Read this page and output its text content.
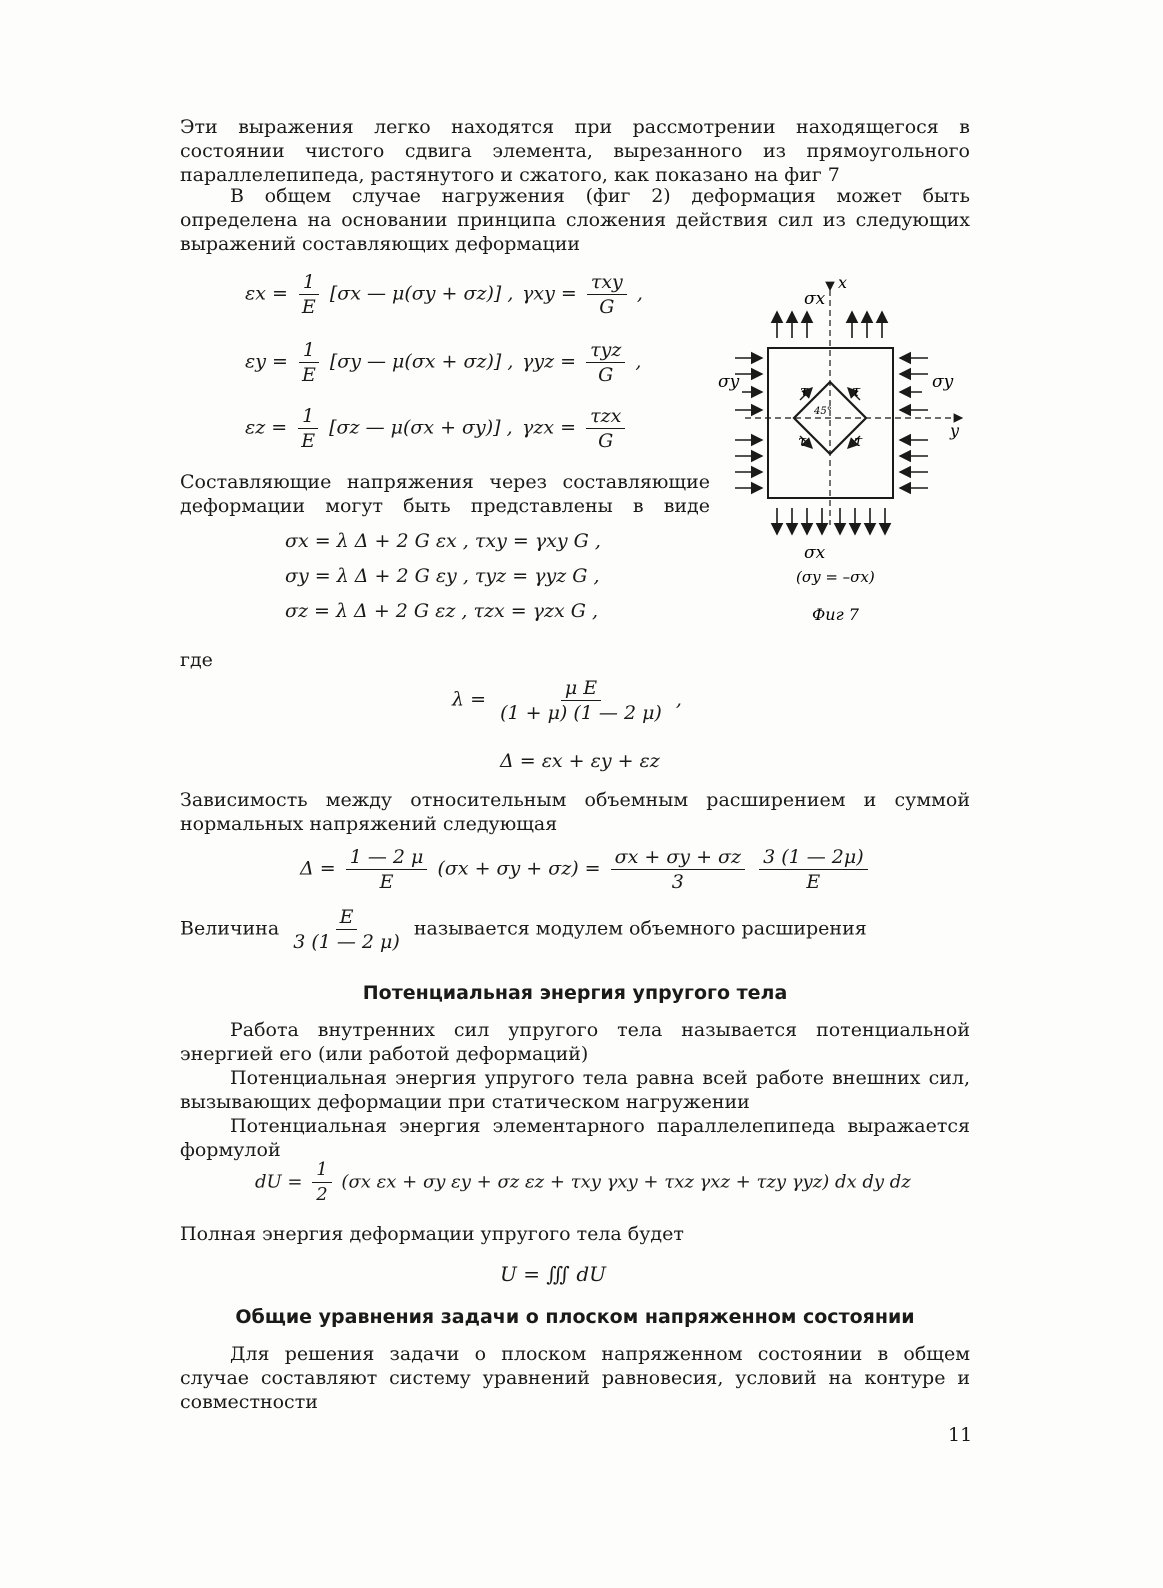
Эти выражения легко находятся при рассмотрении находящегося в состоянии чистого сдвига элемента, вырезанного из прямоугольного параллелепипеда, растянутого и сжатого, как показано на фиг 7

В общем случае нагружения (фиг 2) деформация может быть определена на основании принципа сложения действия сил из следующих выражений составляющих деформации

$\varepsilon x = \frac{1}{E} [\sigma x$ — μ(σy + σz)] , $\gamma xy = \frac{\text{τxy}}{G}$ ,
$\varepsilon y = \frac{1}{E} [\sigma y$ — μ(σx + σz)] , $\gamma yz = \frac{\text{τyz}}{G}$ ,
$\varepsilon z = \frac{1}{E} [\sigma z$ — μ(σx + σy)] , $\gamma zx = \frac{\text{τzx}}{G}$

Составляющие напряжения через составляющие деформации могут быть представлены в виде

σx = λ Δ + 2 G εx , τxy = γxy G ,
σy = λ Δ + 2 G εy , τyz = γyz G ,
σz = λ Δ + 2 G εz , τzx = γzx G ,
σx
x
σy	σy
y
τ	τ
τ	τ
45°
σx
(σy = –σx)
Фиг 7

где

$\lambda = \frac{\text{μ E}}{(1 + \mu) (1 — 2 \mu)}$ ,
Δ = εx + εy + εz

Зависимость между относительным объемным расширением и суммой нормальных напряжений следующая

$\Delta = \frac{1 — 2 \mu}{E} (\sigma x + \sigma y + \sigma z) = \frac{\sigma x + \sigma y + \sigma z}{3}$
$\frac{3 (1 — 2\mu)}{E}$
Величина $\frac{E}{3 (1 — 2 \mu)}$ называется модулем объемного расширения
Потенциальная энергия упругого тела

Работа внутренних сил упругого тела называется потенциальной энергией его (или работой деформаций)

Потенциальная энергия упругого тела равна всей работе внешних сил, вызывающих деформации при статическом нагружении

Потенциальная энергия элементарного параллелепипеда выражается формулой

dU = $\frac{1}{2} (\sigma x$ εx + σy εy + σz εz + τxy γxy + τxz γxz + τzy γyz) dx dy dz

Полная энергия деформации упругого тела будет

U = ∭ dU
Общие уравнения задачи о плоском напряженном состоянии

Для решения задачи о плоском напряженном состоянии в общем случае составляют систему уравнений равновесия, условий на контуре и совместности

11
